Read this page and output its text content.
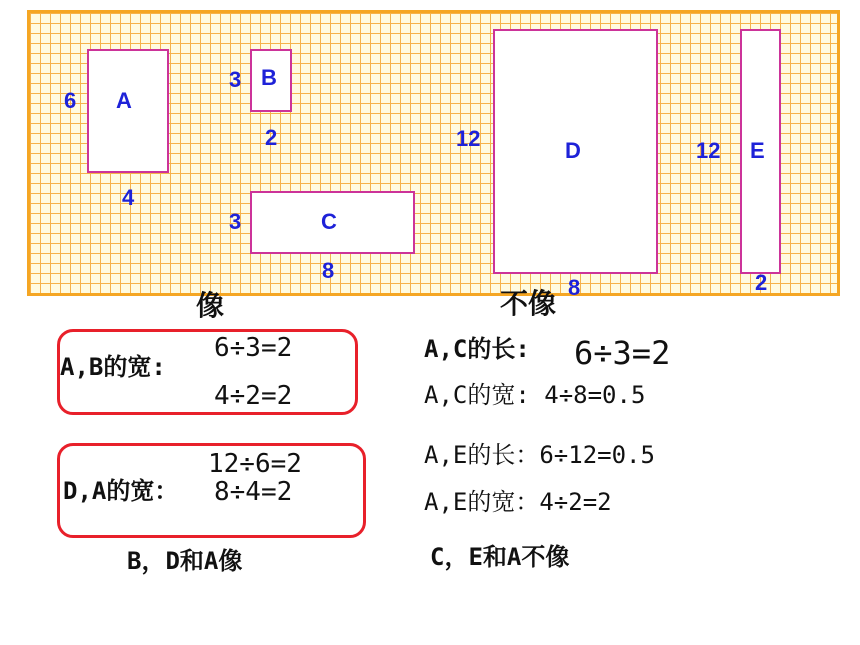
A
6
4
B
3
2
C
3
8
D
12
8
E
12
2
像	不像
A,B的宽:
6÷3=2
4÷2=2
12÷6=2
D,A的宽： 8÷4=2
B，D和A像
A,C的长: 6÷3=2
A,C的宽: 4÷8=0.5
A,E的长：6÷12=0.5
A,E的宽：4÷2=2
C，E和A不像
